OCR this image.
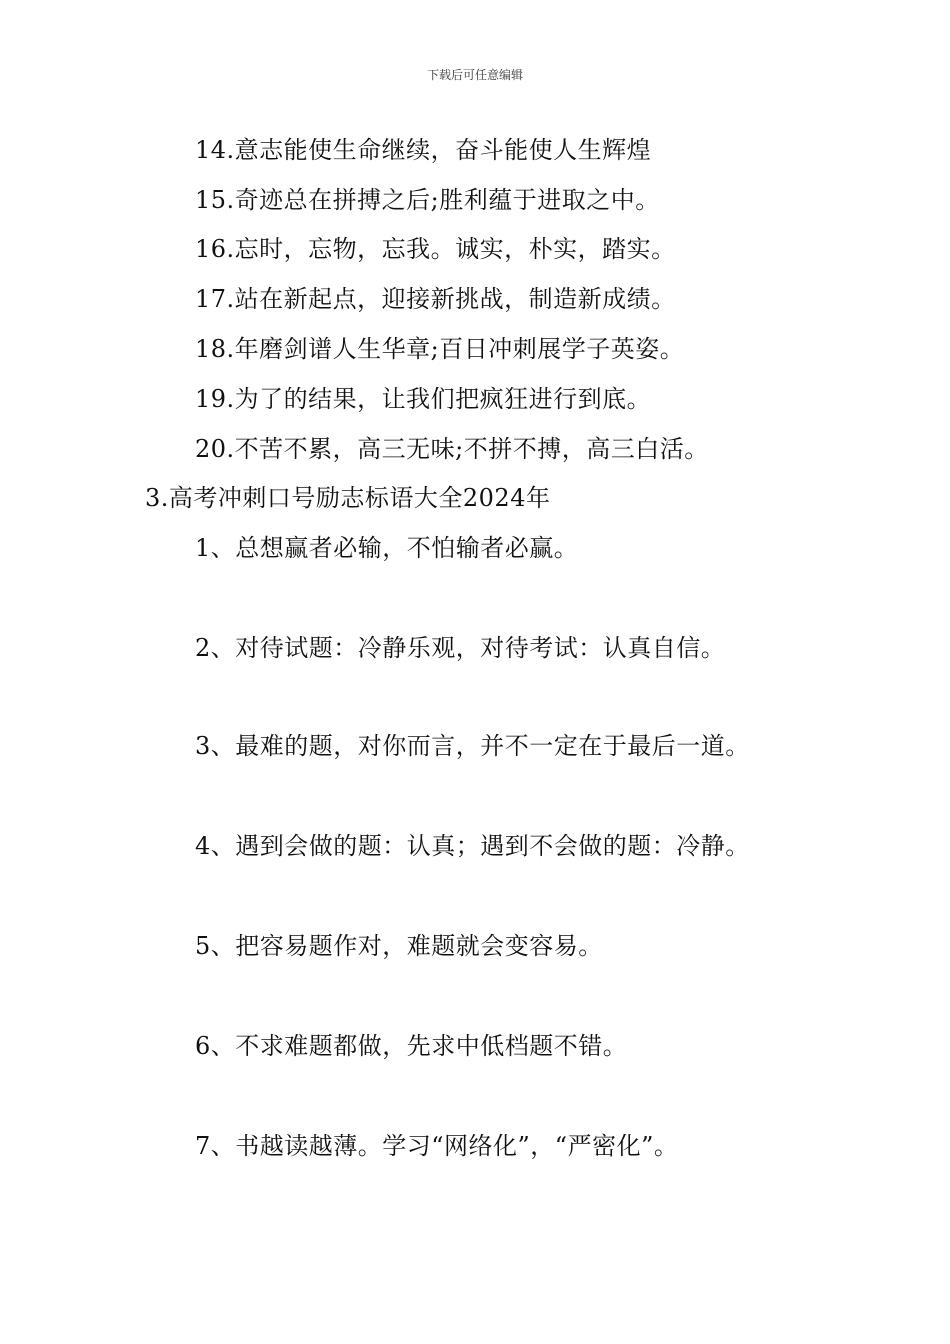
下载后可任意编辑
14.意志能使生命继续，奋斗能使人生辉煌
15.奇迹总在拼搏之后;胜利蕴于进取之中。
16.忘时，忘物，忘我。诚实，朴实，踏实。
17.站在新起点，迎接新挑战，制造新成绩。
18.年磨剑谱人生华章;百日冲刺展学子英姿。
19.为了的结果，让我们把疯狂进行到底。
20.不苦不累，高三无味;不拼不搏，高三白活。
3.高考冲刺口号励志标语大全2024年
1、总想赢者必输，不怕输者必赢。
2、对待试题：冷静乐观，对待考试：认真自信。
3、最难的题，对你而言，并不一定在于最后一道。
4、遇到会做的题：认真；遇到不会做的题：冷静。
5、把容易题作对，难题就会变容易。
6、不求难题都做，先求中低档题不错。
7、书越读越薄。学习“网络化”，“严密化”。
